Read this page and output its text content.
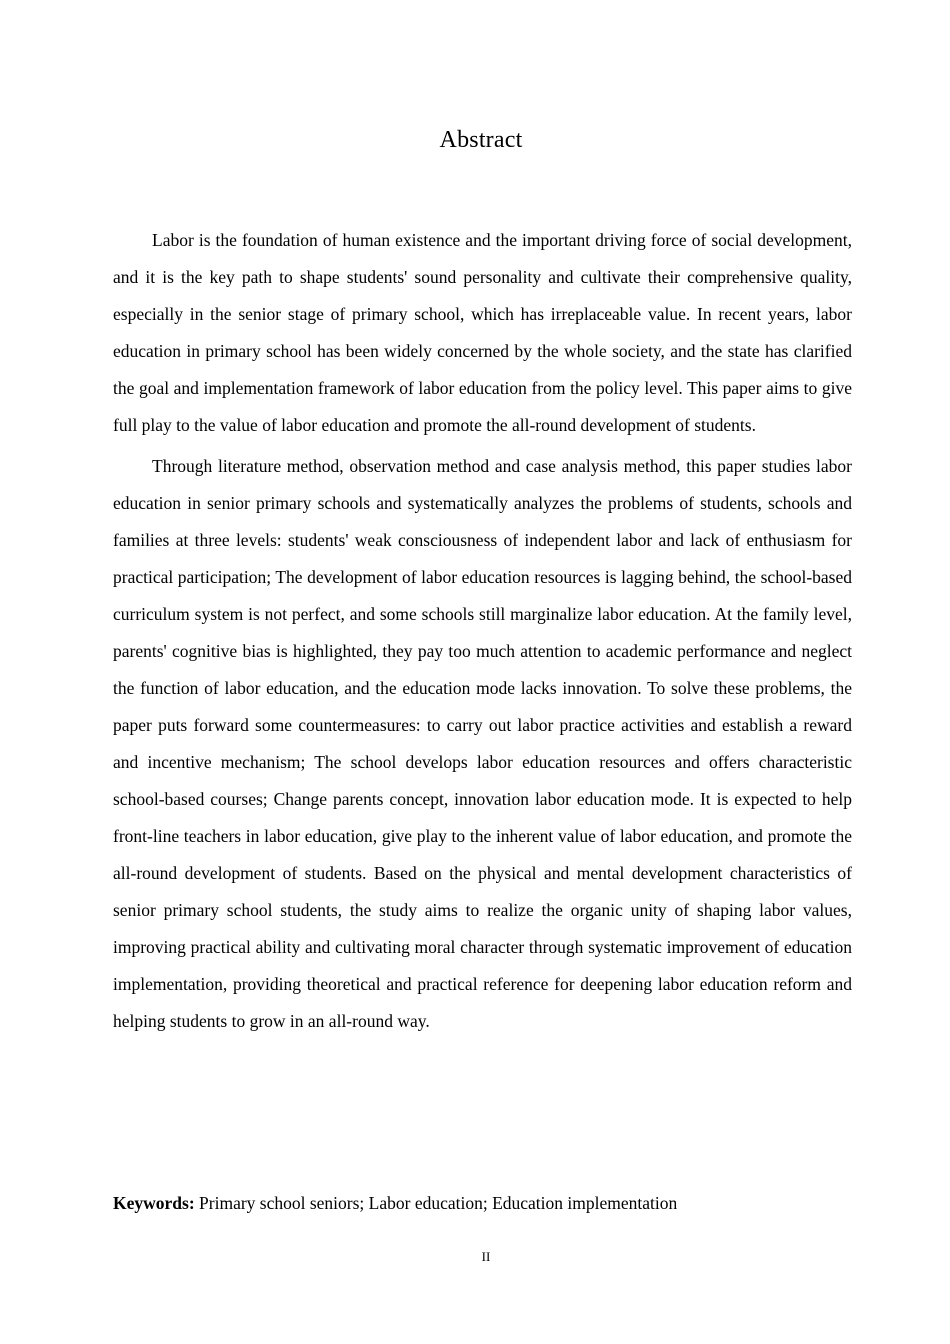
Abstract

Labor is the foundation of human existence and the important driving force of social development, and it is the key path to shape students' sound personality and cultivate their comprehensive quality, especially in the senior stage of primary school, which has irreplaceable value. In recent years, labor education in primary school has been widely concerned by the whole society, and the state has clarified the goal and implementation framework of labor education from the policy level. This paper aims to give full play to the value of labor education and promote the all-round development of students.

Through literature method, observation method and case analysis method, this paper studies labor education in senior primary schools and systematically analyzes the problems of students, schools and families at three levels: students' weak consciousness of independent labor and lack of enthusiasm for practical participation; The development of labor education resources is lagging behind, the school-based curriculum system is not perfect, and some schools still marginalize labor education. At the family level, parents' cognitive bias is highlighted, they pay too much attention to academic performance and neglect the function of labor education, and the education mode lacks innovation. To solve these problems, the paper puts forward some countermeasures: to carry out labor practice activities and establish a reward and incentive mechanism; The school develops labor education resources and offers characteristic school-based courses; Change parents concept, innovation labor education mode. It is expected to help front-line teachers in labor education, give play to the inherent value of labor education, and promote the all-round development of students. Based on the physical and mental development characteristics of senior primary school students, the study aims to realize the organic unity of shaping labor values, improving practical ability and cultivating moral character through systematic improvement of education implementation, providing theoretical and practical reference for deepening labor education reform and helping students to grow in an all-round way.

Keywords: Primary school seniors; Labor education; Education implementation
II
